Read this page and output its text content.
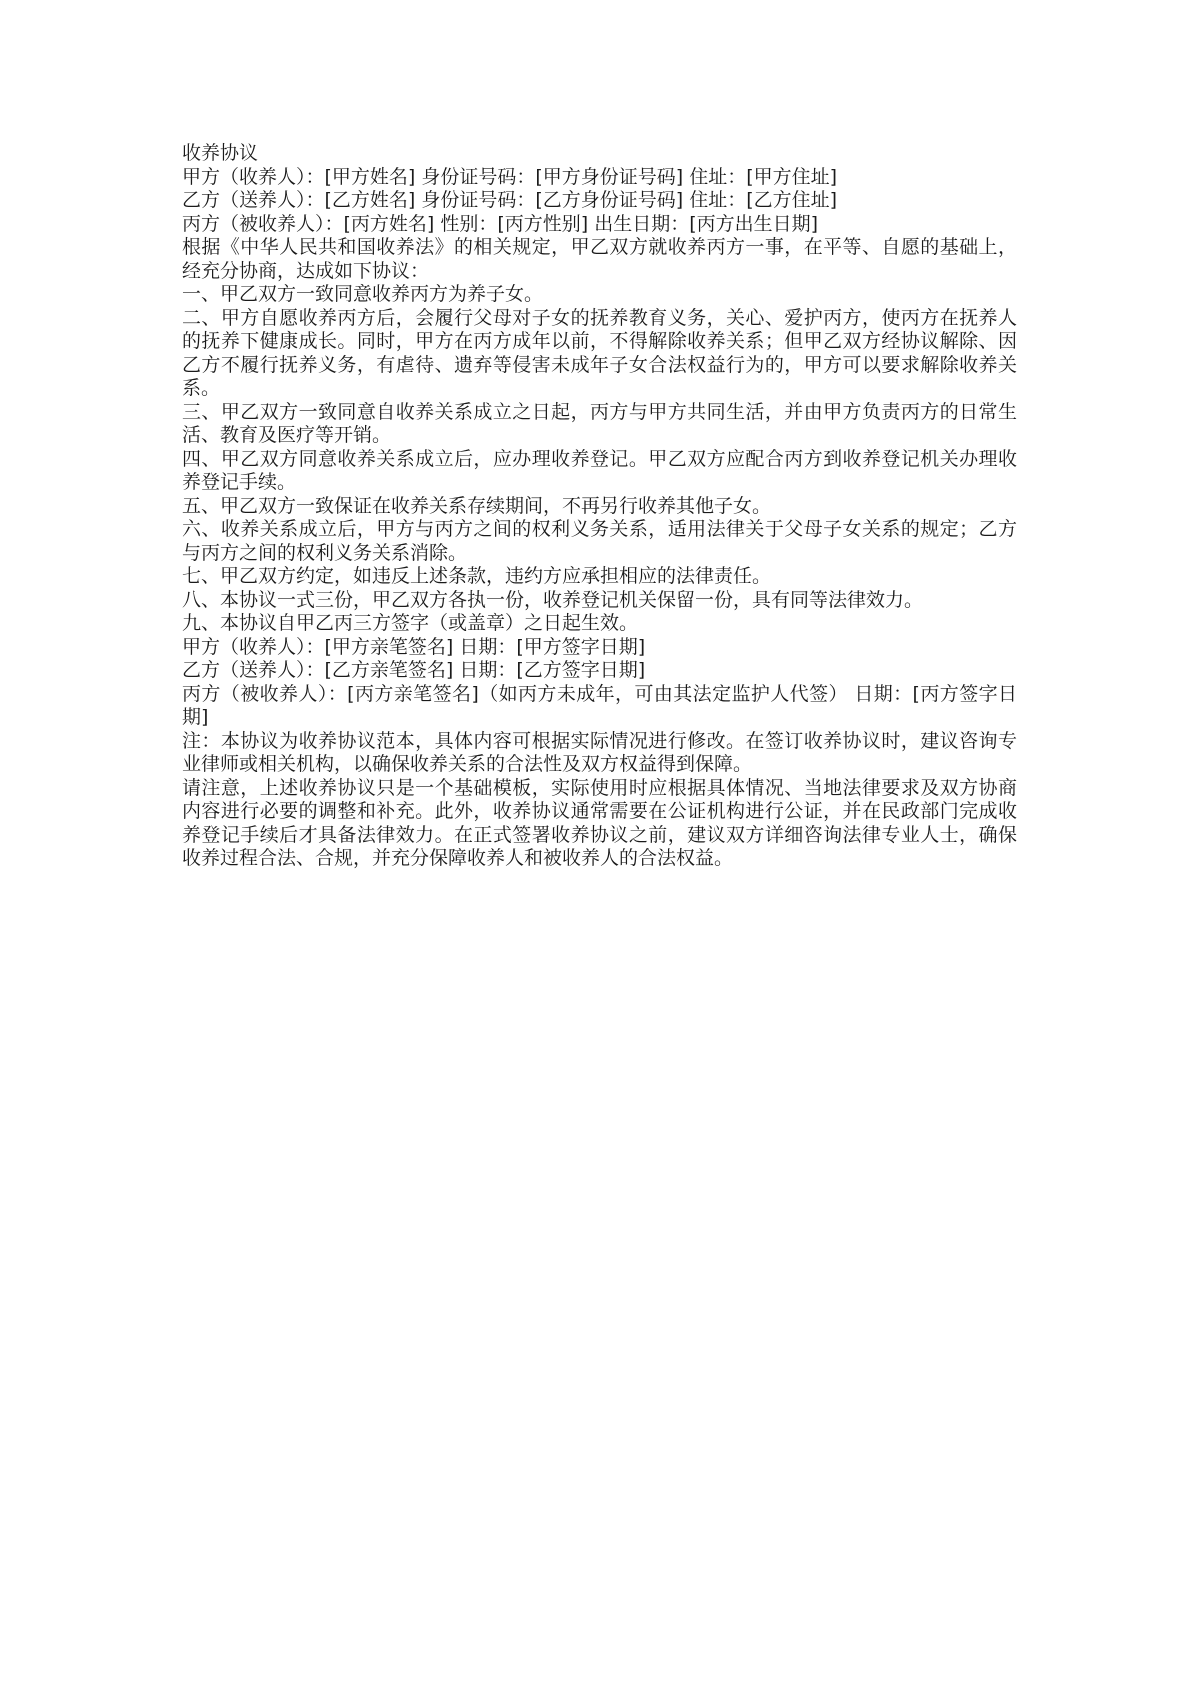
收养协议

甲方（收养人）：[甲方姓名] 身份证号码：[甲方身份证号码] 住址：[甲方住址]

乙方（送养人）：[乙方姓名] 身份证号码：[乙方身份证号码] 住址：[乙方住址]

丙方（被收养人）：[丙方姓名] 性别：[丙方性别] 出生日期：[丙方出生日期]

根据《中华人民共和国收养法》的相关规定，甲乙双方就收养丙方一事，在平等、自愿的基础上，经充分协商，达成如下协议：

一、甲乙双方一致同意收养丙方为养子女。

二、甲方自愿收养丙方后，会履行父母对子女的抚养教育义务，关心、爱护丙方，使丙方在抚养人的抚养下健康成长。同时，甲方在丙方成年以前，不得解除收养关系；但甲乙双方经协议解除、因乙方不履行抚养义务，有虐待、遗弃等侵害未成年子女合法权益行为的，甲方可以要求解除收养关系。

三、甲乙双方一致同意自收养关系成立之日起，丙方与甲方共同生活，并由甲方负责丙方的日常生活、教育及医疗等开销。

四、甲乙双方同意收养关系成立后，应办理收养登记。甲乙双方应配合丙方到收养登记机关办理收养登记手续。

五、甲乙双方一致保证在收养关系存续期间，不再另行收养其他子女。

六、收养关系成立后，甲方与丙方之间的权利义务关系，适用法律关于父母子女关系的规定；乙方与丙方之间的权利义务关系消除。

七、甲乙双方约定，如违反上述条款，违约方应承担相应的法律责任。

八、本协议一式三份，甲乙双方各执一份，收养登记机关保留一份，具有同等法律效力。

九、本协议自甲乙丙三方签字（或盖章）之日起生效。

甲方（收养人）：[甲方亲笔签名] 日期：[甲方签字日期]

乙方（送养人）：[乙方亲笔签名] 日期：[乙方签字日期]

丙方（被收养人）：[丙方亲笔签名]（如丙方未成年，可由其法定监护人代签） 日期：[丙方签字日期]

注：本协议为收养协议范本，具体内容可根据实际情况进行修改。在签订收养协议时，建议咨询专业律师或相关机构，以确保收养关系的合法性及双方权益得到保障。

请注意，上述收养协议只是一个基础模板，实际使用时应根据具体情况、当地法律要求及双方协商内容进行必要的调整和补充。此外，收养协议通常需要在公证机构进行公证，并在民政部门完成收养登记手续后才具备法律效力。在正式签署收养协议之前，建议双方详细咨询法律专业人士，确保收养过程合法、合规，并充分保障收养人和被收养人的合法权益。
